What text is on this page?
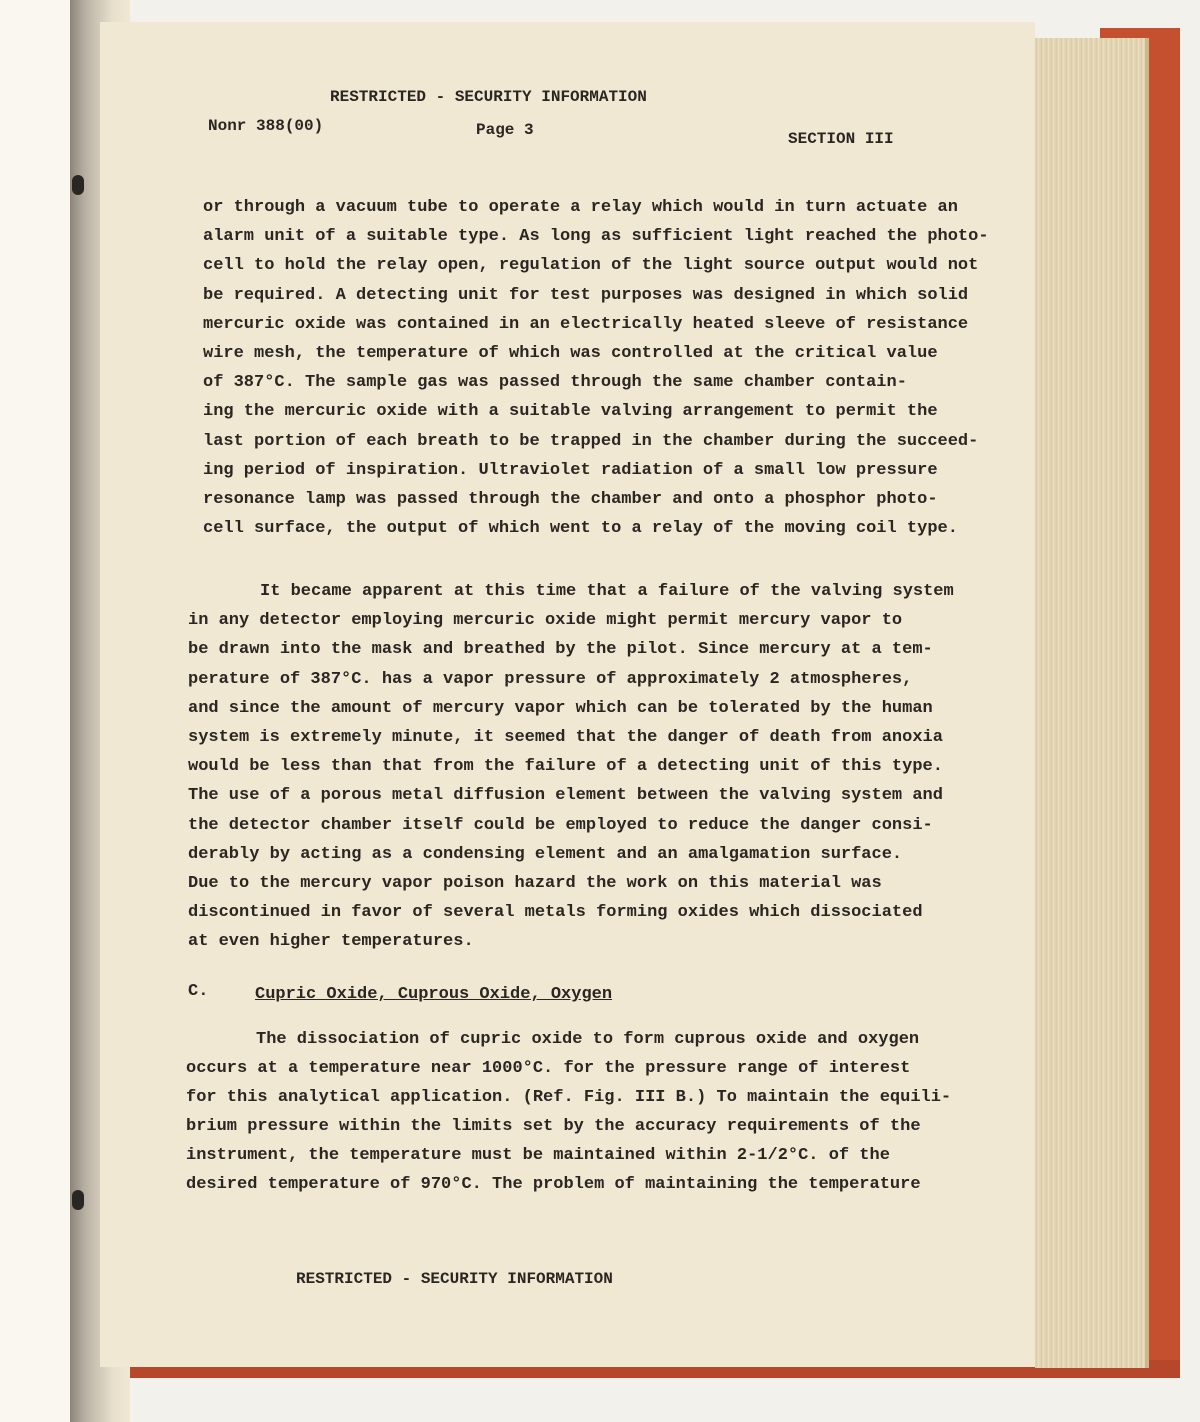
RESTRICTED - SECURITY INFORMATION
Nonr 388(00)	Page 3	SECTION III
or through a vacuum tube to operate a relay which would in turn actuate an
alarm unit of a suitable type. As long as sufficient light reached the photo-
cell to hold the relay open, regulation of the light source output would not
be required. A detecting unit for test purposes was designed in which solid
mercuric oxide was contained in an electrically heated sleeve of resistance
wire mesh, the temperature of which was controlled at the critical value
of 387°C. The sample gas was passed through the same chamber contain-
ing the mercuric oxide with a suitable valving arrangement to permit the
last portion of each breath to be trapped in the chamber during the succeed-
ing period of inspiration. Ultraviolet radiation of a small low pressure
resonance lamp was passed through the chamber and onto a phosphor photo-
cell surface, the output of which went to a relay of the moving coil type.
It became apparent at this time that a failure of the valving system
in any detector employing mercuric oxide might permit mercury vapor to
be drawn into the mask and breathed by the pilot. Since mercury at a tem-
perature of 387°C. has a vapor pressure of approximately 2 atmospheres,
and since the amount of mercury vapor which can be tolerated by the human
system is extremely minute, it seemed that the danger of death from anoxia
would be less than that from the failure of a detecting unit of this type.
The use of a porous metal diffusion element between the valving system and
the detector chamber itself could be employed to reduce the danger consi-
derably by acting as a condensing element and an amalgamation surface.
Due to the mercury vapor poison hazard the work on this material was
discontinued in favor of several metals forming oxides which dissociated
at even higher temperatures.
C.	Cupric Oxide, Cuprous Oxide, Oxygen
The dissociation of cupric oxide to form cuprous oxide and oxygen
occurs at a temperature near 1000°C. for the pressure range of interest
for this analytical application. (Ref. Fig. III B.) To maintain the equili-
brium pressure within the limits set by the accuracy requirements of the
instrument, the temperature must be maintained within 2-1/2°C. of the
desired temperature of 970°C. The problem of maintaining the temperature
RESTRICTED - SECURITY INFORMATION
